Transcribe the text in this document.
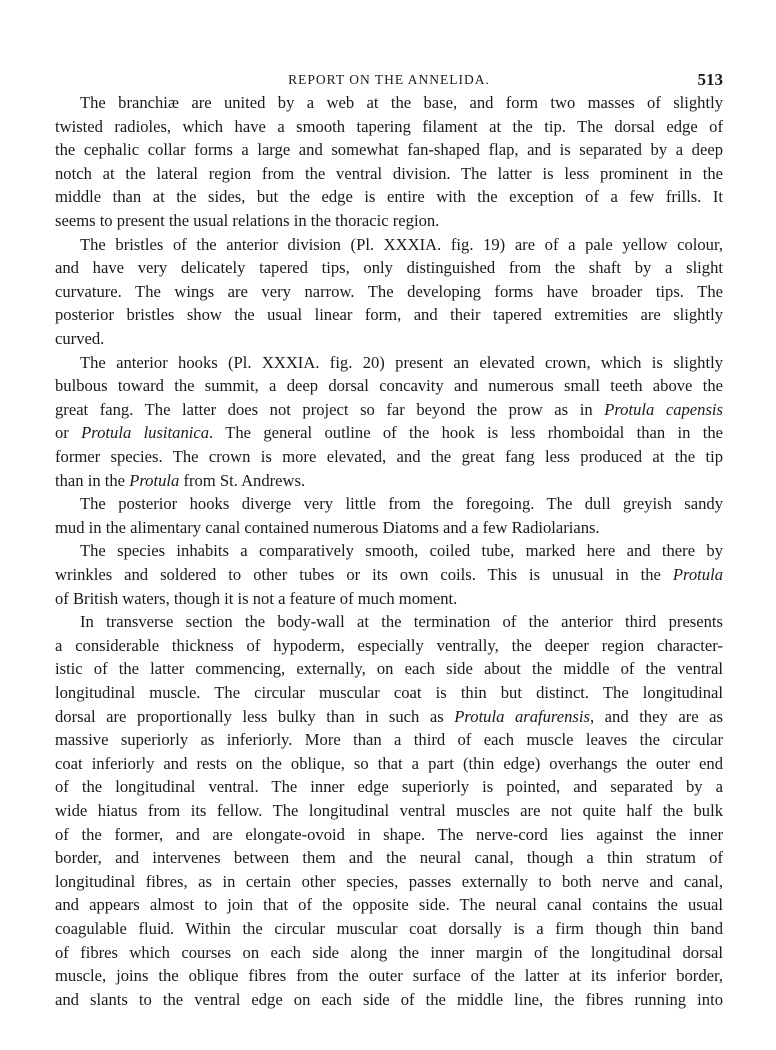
REPORT ON THE ANNELIDA.	513
The branchiæ are united by a web at the base, and form two masses of slightly
twisted radioles, which have a smooth tapering filament at the tip. The dorsal edge of
the cephalic collar forms a large and somewhat fan-shaped flap, and is separated by a deep
notch at the lateral region from the ventral division. The latter is less prominent in the
middle than at the sides, but the edge is entire with the exception of a few frills. It
seems to present the usual relations in the thoracic region.
The bristles of the anterior division (Pl. XXXIA. fig. 19) are of a pale yellow colour,
and have very delicately tapered tips, only distinguished from the shaft by a slight
curvature. The wings are very narrow. The developing forms have broader tips. The
posterior bristles show the usual linear form, and their tapered extremities are slightly
curved.
The anterior hooks (Pl. XXXIA. fig. 20) present an elevated crown, which is slightly
bulbous toward the summit, a deep dorsal concavity and numerous small teeth above the
great fang. The latter does not project so far beyond the prow as in Protula capensis
or Protula lusitanica. The general outline of the hook is less rhomboidal than in the
former species. The crown is more elevated, and the great fang less produced at the tip
than in the Protula from St. Andrews.
The posterior hooks diverge very little from the foregoing. The dull greyish sandy
mud in the alimentary canal contained numerous Diatoms and a few Radiolarians.
The species inhabits a comparatively smooth, coiled tube, marked here and there by
wrinkles and soldered to other tubes or its own coils. This is unusual in the Protula
of British waters, though it is not a feature of much moment.
In transverse section the body-wall at the termination of the anterior third presents
a considerable thickness of hypoderm, especially ventrally, the deeper region character-
istic of the latter commencing, externally, on each side about the middle of the ventral
longitudinal muscle. The circular muscular coat is thin but distinct. The longitudinal
dorsal are proportionally less bulky than in such as Protula arafurensis, and they are as
massive superiorly as inferiorly. More than a third of each muscle leaves the circular
coat inferiorly and rests on the oblique, so that a part (thin edge) overhangs the outer end
of the longitudinal ventral. The inner edge superiorly is pointed, and separated by a
wide hiatus from its fellow. The longitudinal ventral muscles are not quite half the bulk
of the former, and are elongate-ovoid in shape. The nerve-cord lies against the inner
border, and intervenes between them and the neural canal, though a thin stratum of
longitudinal fibres, as in certain other species, passes externally to both nerve and canal,
and appears almost to join that of the opposite side. The neural canal contains the usual
coagulable fluid. Within the circular muscular coat dorsally is a firm though thin band
of fibres which courses on each side along the inner margin of the longitudinal dorsal
muscle, joins the oblique fibres from the outer surface of the latter at its inferior border,
and slants to the ventral edge on each side of the middle line, the fibres running into
